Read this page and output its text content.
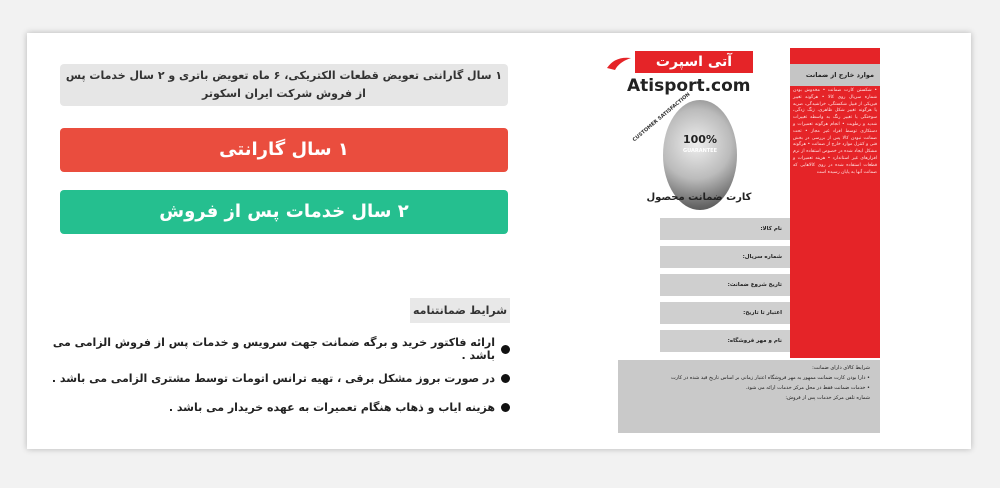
۱ سال گارانتی تعویض قطعات الکتریکی، ۶ ماه تعویض باتری و ۲ سال خدمات پس از فروش شرکت ایران اسکوتر
۱ سال گارانتی
۲ سال خدمات پس از فروش
شرایط ضمانتنامه
ارائه فاکتور خرید و برگه ضمانت جهت سرویس و خدمات پس از فروش الزامی می باشد .
در صورت بروز مشکل برقی ، تهیه ترانس اتومات توسط مشتری الزامی می باشد .
هزینه ایاب و ذهاب هنگام تعمیرات به عهده خریدار می باشد .
آتی اسپرت
Atisport.com
CUSTOMER SATISFACTION
100%
GUARANTEE
کارت ضمانت محصول
موارد خارج از ضمانت
• شکستن کارت ضمانت • مخدوش بودن شماره سریال روی کالا • هرگونه تغییر فیزیکی از قبیل شکستگی، خراشیدگی، ضربه یا هرگونه تغییر شکل ظاهری، زنگ زدگی، سوختگی یا تغییر رنگ به واسطه تغییرات شدید و رطوبت • انجام هرگونه تعمیرات و دستکاری توسط افراد غیر مجاز • تحت ضمانت نبودن کالا پس از بررسی در بخش فنی و کنترل موارد خارج از ضمانت • هرگونه مشکل ایجاد شده در خصوص استفاده از نرم افزارهای غیر استاندارد • هزینه تعمیرات و قطعات استفاده شده در روی کالاهایی که ضمانت آنها به پایان رسیده است
نام کالا:
شماره سریال:
تاریخ شروع ضمانت:
اعتبار تا تاریخ:
نام و مهر فروشگاه:
شرایط کالای دارای ضمانت:
• دارا بودن کارت ضمانت ممهور به مهر فروشگاه اعتبار زمانی بر اساس تاریخ قید شده در کارت
• خدمات ضمانت فقط در محل مرکز خدمات ارائه می شود.
شماره تلفن مرکز خدمات پس از فروش:
